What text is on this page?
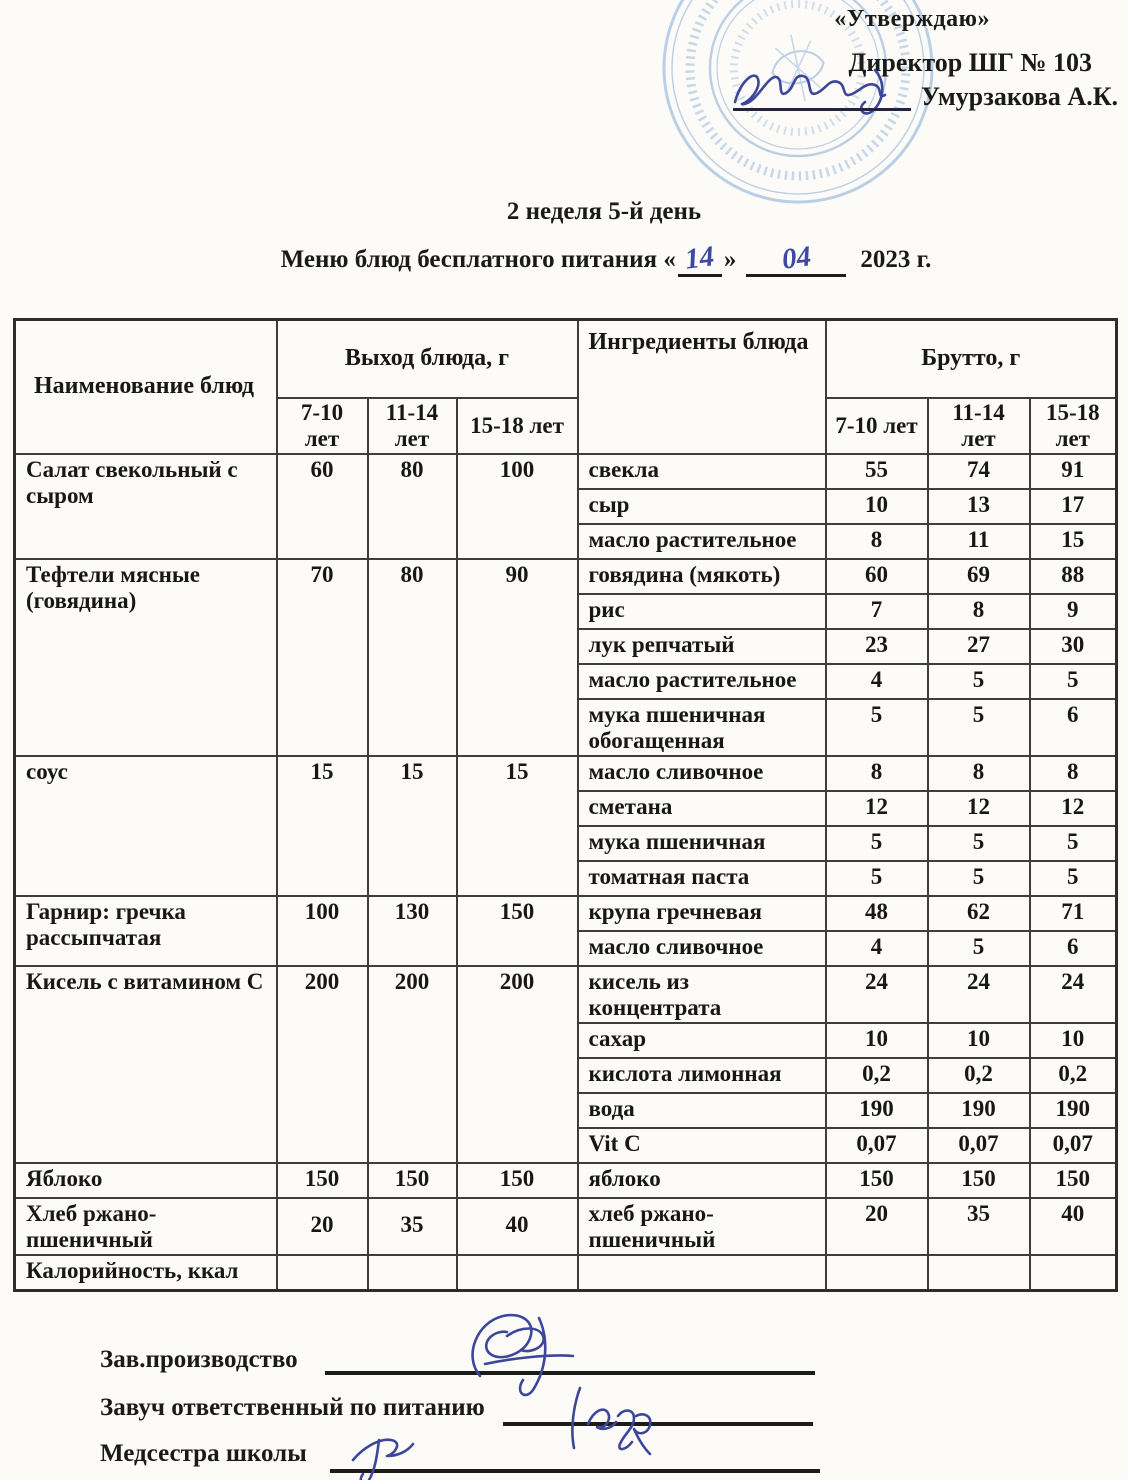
«Утверждаю»
Директор ШГ № 103
Умурзакова А.К.
2 неделя 5-й день
Меню блюд бесплатного питания « 14 » 04 2023 г.
Наименование блюд	Выход блюда, г			Ингредиенты блюда	Брутто, г		
	7-10 лет	11-14 лет	15-18 лет		7-10 лет	11-14 лет	15-18 лет
Салат свекольный с сыром	60	80	100	свекла	55	74	91
				сыр	10	13	17
				масло растительное	8	11	15
Тефтели мясные (говядина)	70	80	90	говядина (мякоть)	60	69	88
				рис	7	8	9
				лук репчатый	23	27	30
				масло растительное	4	5	5
				мука пшеничная обогащенная	5	5	6
соус	15	15	15	масло сливочное	8	8	8
				сметана	12	12	12
				мука пшеничная	5	5	5
				томатная паста	5	5	5
Гарнир: гречка рассыпчатая	100	130	150	крупа гречневая	48	62	71
				масло сливочное	4	5	6
Кисель с витамином С	200	200	200	кисель из концентрата	24	24	24
				сахар	10	10	10
				кислота лимонная	0,2	0,2	0,2
				вода	190	190	190
				Vit C	0,07	0,07	0,07
Яблоко	150	150	150	яблоко	150	150	150
Хлеб ржано-пшеничный	20	35	40	хлеб ржано-пшеничный	20	35	40
Калорийность, ккал							
Зав.производство
Завуч ответственный по питанию
Медсестра школы
